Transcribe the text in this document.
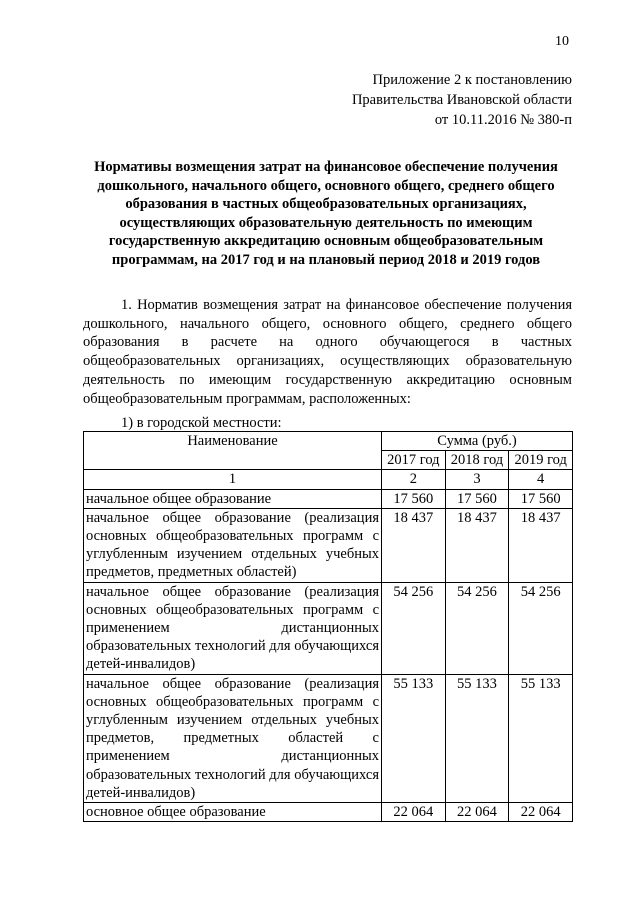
10
Приложение 2 к постановлению
Правительства Ивановской области
от 10.11.2016 № 380-п
Нормативы возмещения затрат на финансовое обеспечение получения дошкольного, начального общего, основного общего, среднего общего образования в частных общеобразовательных организациях, осуществляющих образовательную деятельность по имеющим государственную аккредитацию основным общеобразовательным программам, на 2017 год и на плановый период 2018 и 2019 годов
1. Норматив возмещения затрат на финансовое обеспечение получения дошкольного, начального общего, основного общего, среднего общего образования в расчете на одного обучающегося в частных общеобразовательных организациях, осуществляющих образовательную деятельность по имеющим государственную аккредитацию основным общеобразовательным программам, расположенных:
1) в городской местности:
Наименование	Сумма (руб.)		
	2017 год	2018 год	2019 год
1	2	3	4
начальное общее образование	17 560	17 560	17 560
начальное общее образование (реализация основных общеобразовательных программ с углубленным изучением отдельных учебных предметов, предметных областей)	18 437	18 437	18 437
начальное общее образование (реализация основных общеобразовательных программ с применением дистанционных образовательных технологий для обучающихся детей-инвалидов)	54 256	54 256	54 256
начальное общее образование (реализация основных общеобразовательных программ с углубленным изучением отдельных учебных предметов, предметных областей с применением дистанционных образовательных технологий для обучающихся детей-инвалидов)	55 133	55 133	55 133
основное общее образование	22 064	22 064	22 064
